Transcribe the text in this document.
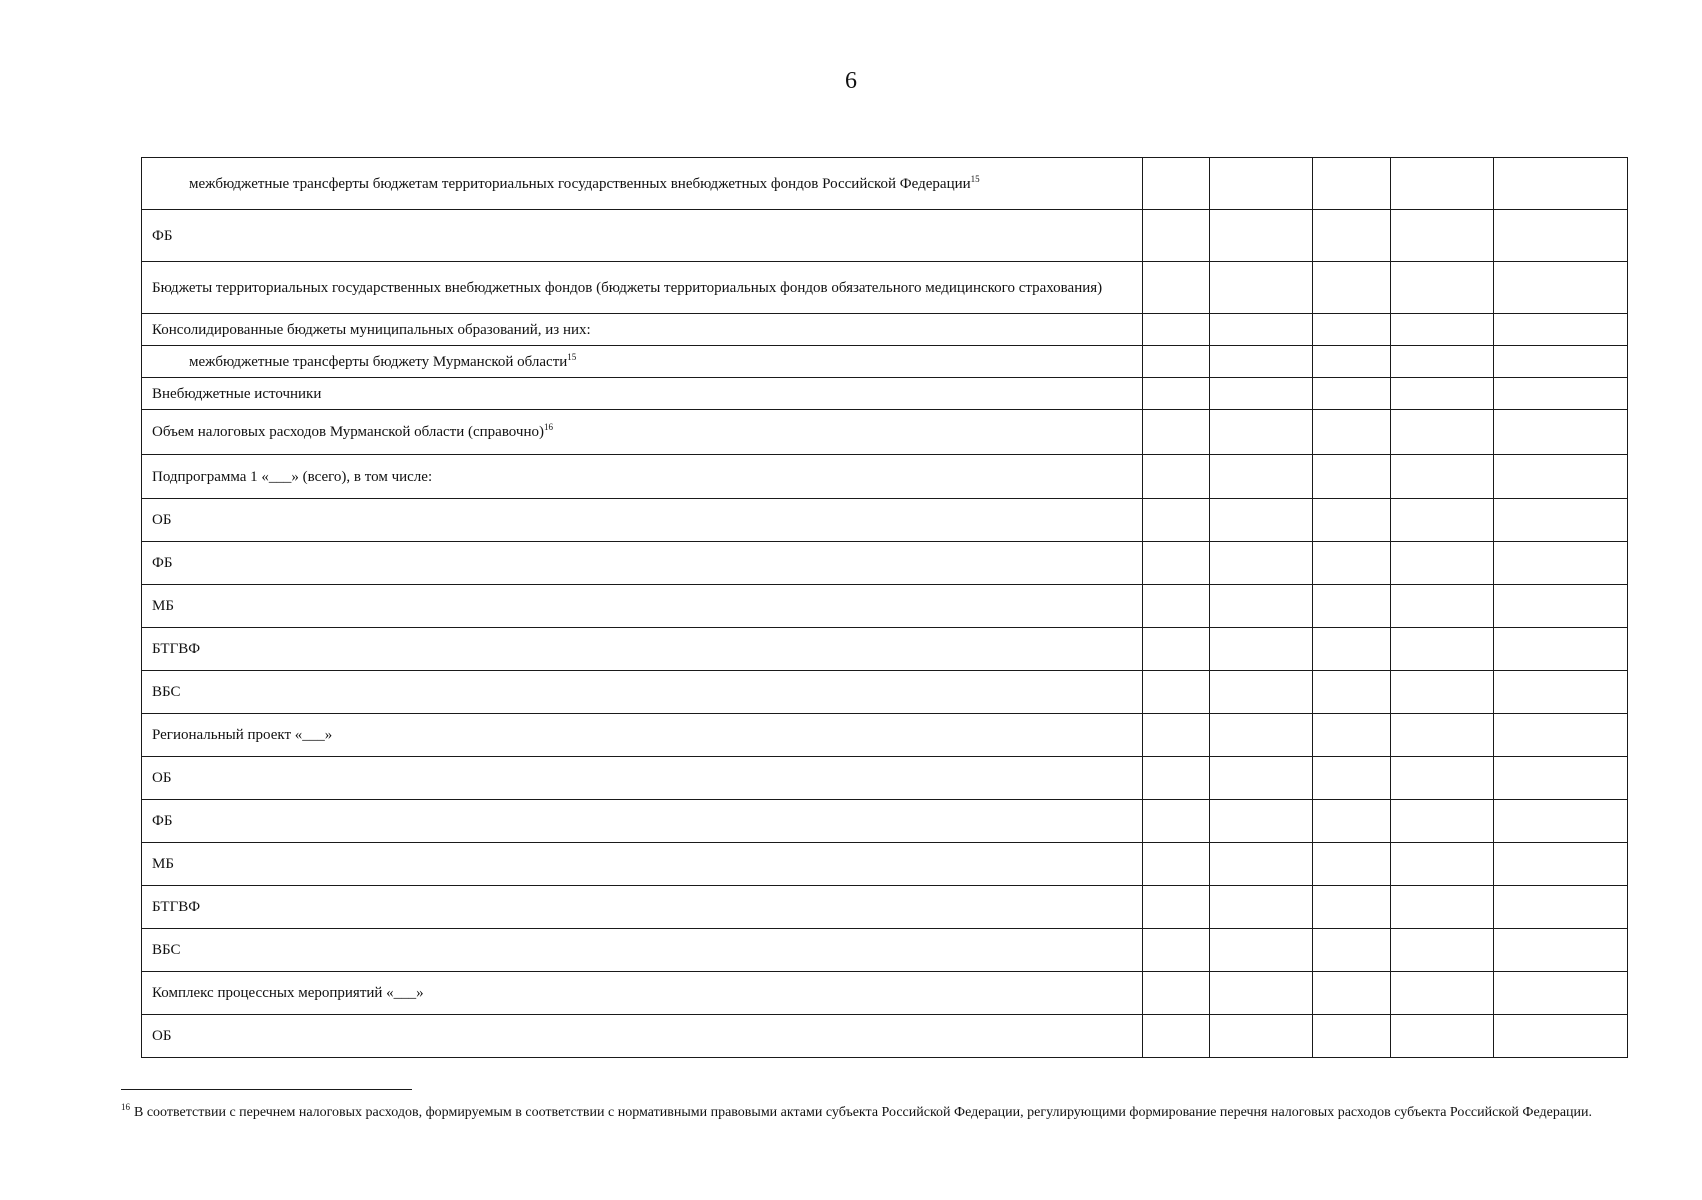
6
межбюджетные трансферты бюджетам территориальных государственных внебюджетных фондов Российской Федерации$^{15}$					
ФБ					
Бюджеты территориальных государственных внебюджетных фондов (бюджеты территориальных фондов обязательного медицинского страхования)					
Консолидированные бюджеты муниципальных образований, из них:					
межбюджетные трансферты бюджету Мурманской области$^{15}$					
Внебюджетные источники					
Объем налоговых расходов Мурманской области (справочно)$^{16}$					
Подпрограмма 1 «___» (всего), в том числе:					
ОБ					
ФБ					
МБ					
БТГВФ					
ВБС					
Региональный проект «___»					
ОБ					
ФБ					
МБ					
БТГВФ					
ВБС					
Комплекс процессных мероприятий «___»					
ОБ					
$^{16}$ В соответствии с перечнем налоговых расходов, формируемым в соответствии с нормативными правовыми актами субъекта Российской Федерации, регулирующими формирование перечня налоговых расходов субъекта Российской Федерации.
